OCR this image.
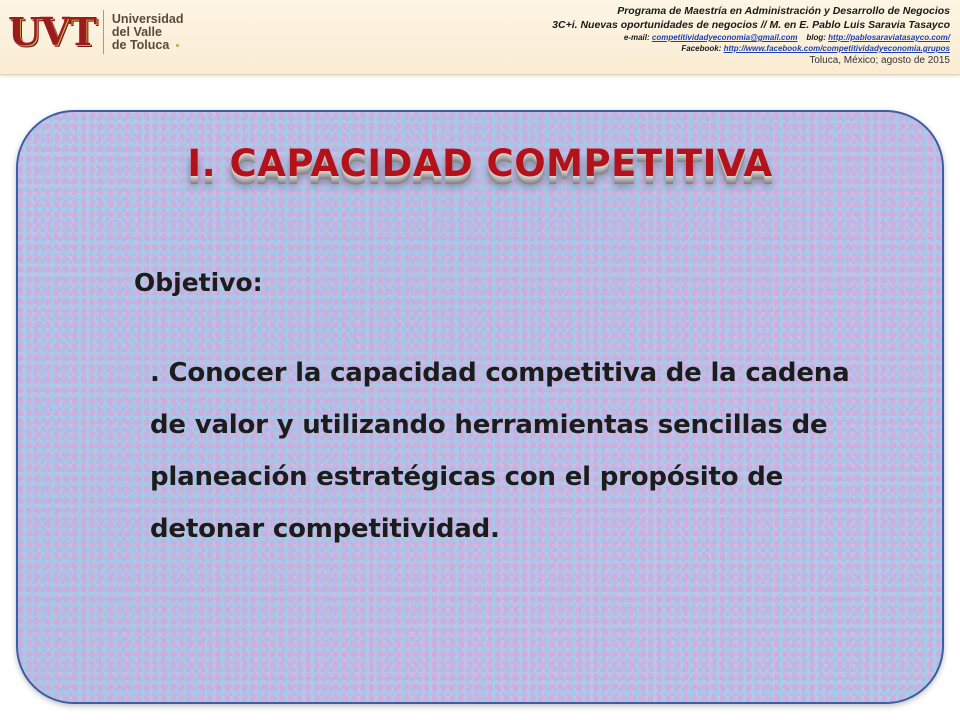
UVT Universidad
del Valle
de Toluca
Programa de Maestría en Administración y Desarrollo de Negocios
3C+i. Nuevas oportunidades de negocios // M. en E. Pablo Luis Saravia Tasayco
e-mail: competitividadyeconomia@gmail.com blog: http://pablosaraviatasayco.com/
Facebook: http://www.facebook.com/competitividadyeconomia.grupos
Toluca, México; agosto de 2015
I. CAPACIDAD COMPETITIVA
Objetivo:
. Conocer la capacidad competitiva de la cadena de valor y utilizando herramientas sencillas de planeación estratégicas con el propósito de detonar competitividad.
